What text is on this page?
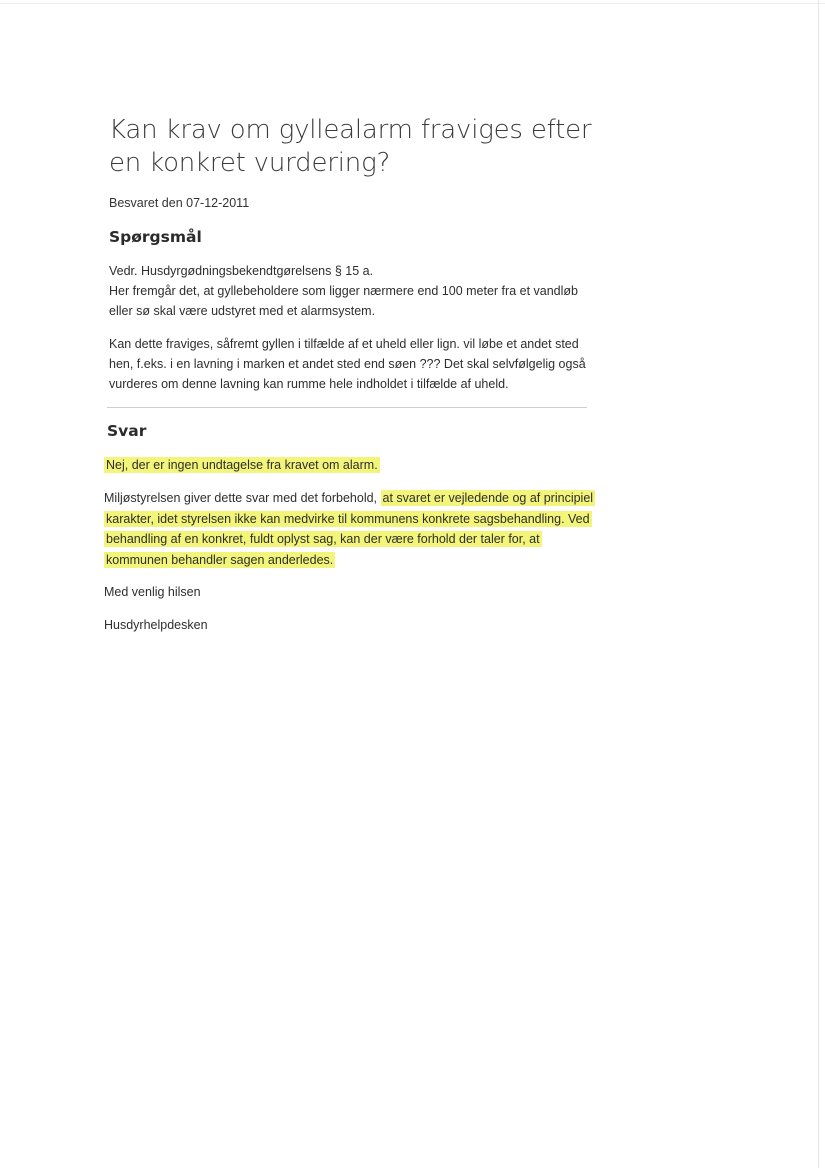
Kan krav om gyllealarm fraviges efter en konkret vurdering?
Besvaret den 07-12-2011
Spørgsmål

Vedr. Husdyrgødningsbekendtgørelsens § 15 a.
Her fremgår det, at gyllebeholdere som ligger nærmere end 100 meter fra et vandløb eller sø skal være udstyret med et alarmsystem.

Kan dette fraviges, såfremt gyllen i tilfælde af et uheld eller lign. vil løbe et andet sted hen, f.eks. i en lavning i marken et andet sted end søen ??? Det skal selvfølgelig også vurderes om denne lavning kan rumme hele indholdet i tilfælde af uheld.

Svar

Nej, der er ingen undtagelse fra kravet om alarm.

Miljøstyrelsen giver dette svar med det forbehold, at svaret er vejledende og af principiel karakter, idet styrelsen ikke kan medvirke til kommunens konkrete sagsbehandling. Ved behandling af en konkret, fuldt oplyst sag, kan der være forhold der taler for, at kommunen behandler sagen anderledes.

Med venlig hilsen

Husdyrhelpdesken
